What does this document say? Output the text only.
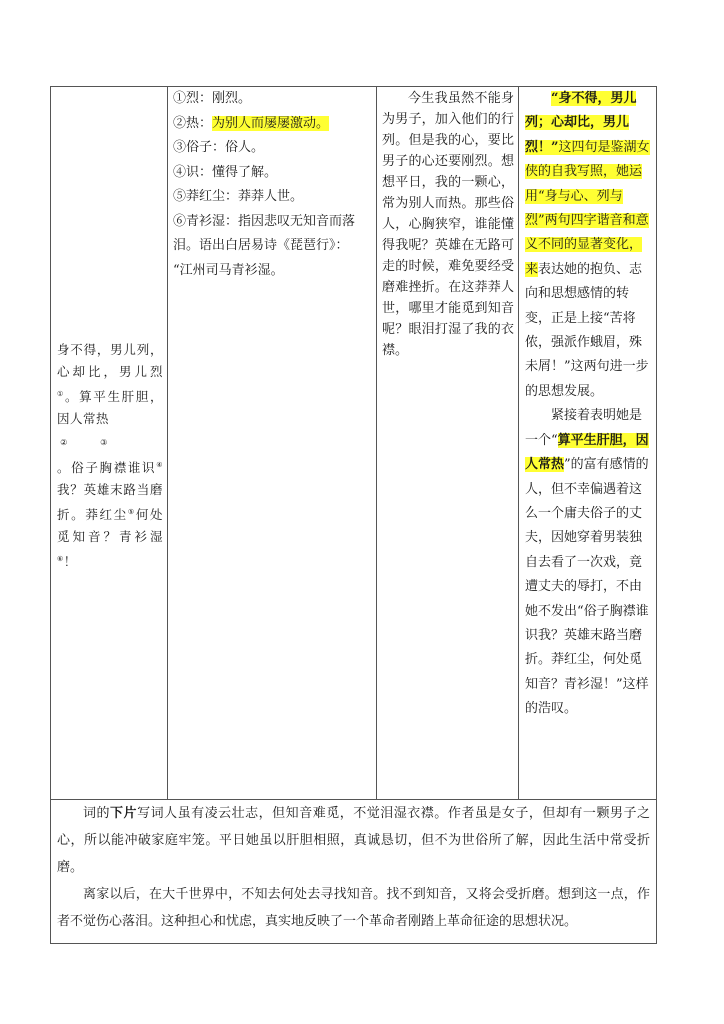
身不得，男儿列，心却比，男儿烈①。算平生肝胆，因人常热
②	③
。俗子胸襟谁识④我？英雄末路当磨折。莽红尘⑤何处觅知音？青衫湿⑥！

①烈：刚烈。

②热：为别人而屡屡激动。

③俗子：俗人。

④识：懂得了解。

⑤莽红尘：莽莽人世。

⑥青衫湿：指因悲叹无知音而落泪。语出白居易诗《琵琶行》：

“江州司马青衫湿。

今生我虽然不能身为男子，加入他们的行列。但是我的心，要比男子的心还要刚烈。想想平日，我的一颗心，常为别人而热。那些俗人，心胸狭窄，谁能懂得我呢？英雄在无路可走的时候，难免要经受磨难挫折。在这莽莽人世，哪里才能觅到知音呢？眼泪打湿了我的衣襟。

“身不得，男儿列；心却比，男儿烈！”这四句是鉴湖女侠的自我写照，她运用“身与心、列与烈”两句四字谐音和意义不同的显著变化，来表达她的抱负、志向和思想感情的转变，正是上接“苦将侬，强派作蛾眉，殊未屑！”这两句进一步的思想发展。

紧接着表明她是一个“算平生肝胆，因人常热”的富有感情的人，但不幸偏遇着这么一个庸夫俗子的丈夫，因她穿着男装独自去看了一次戏，竟遭丈夫的辱打，不由她不发出“俗子胸襟谁识我？英雄末路当磨折。莽红尘，何处觅知音？青衫湿！”这样的浩叹。

词的下片写词人虽有凌云壮志，但知音难觅，不觉泪湿衣襟。作者虽是女子，但却有一颗男子之心，所以能冲破家庭牢笼。平日她虽以肝胆相照，真诚恳切，但不为世俗所了解，因此生活中常受折磨。

离家以后，在大千世界中，不知去何处去寻找知音。找不到知音，又将会受折磨。想到这一点，作者不觉伤心落泪。这种担心和忧虑，真实地反映了一个革命者刚踏上革命征途的思想状况。
